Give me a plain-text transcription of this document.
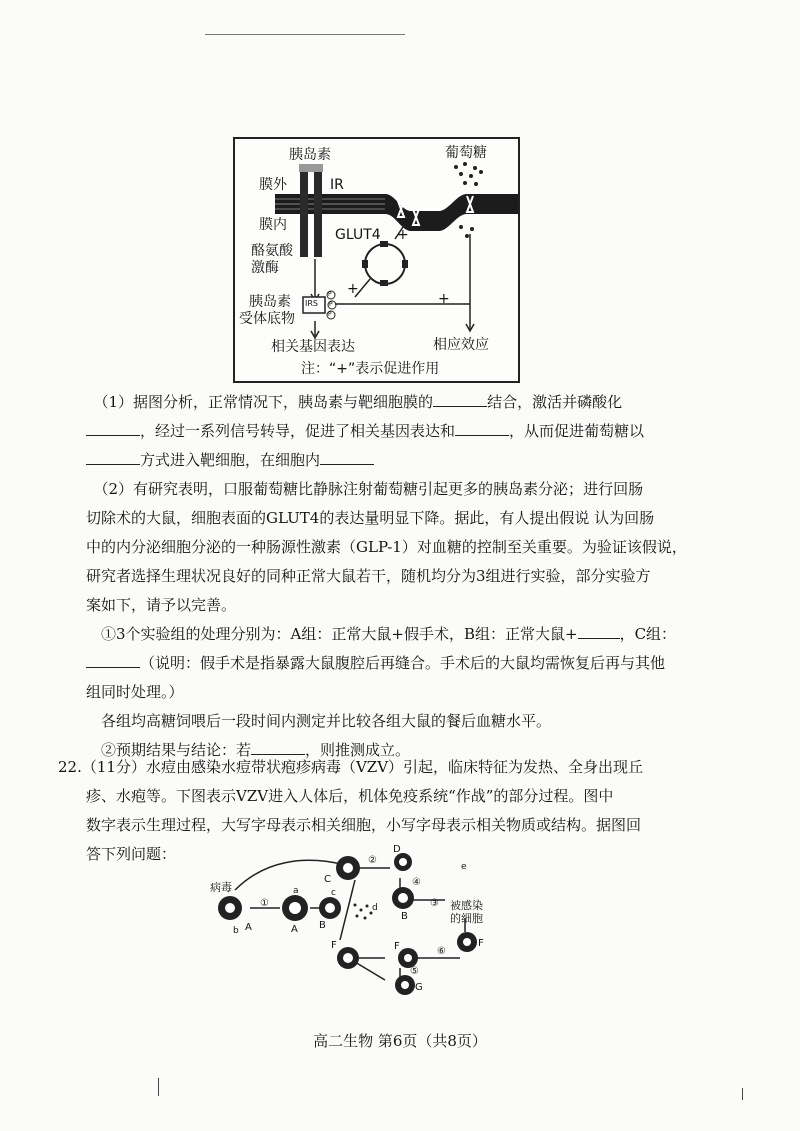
胰岛素	葡萄糖
膜外	IR
膜内
GLUT4
酪氨酸
激酶
胰岛素
受体底物
IRS
P
P
P
+
+
+
相关基因表达	相应效应
注：“+”表示促进作用

　（1）据图分析，正常情况下，胰岛素与靶细胞膜的	结合，激活并磷酸化

，经过一系列信号转导，促进了相关基因表达和	，从而促进葡萄糖以

方式进入靶细胞，在细胞内

　（2）有研究表明，口服葡萄糖比静脉注射葡萄糖引起更多的胰岛素分泌；进行回肠

切除术的大鼠，细胞表面的GLUT4的表达量明显下降。据此，有人提出假说 认为回肠

中的内分泌细胞分泌的一种肠源性激素（GLP-1）对血糖的控制至关重要。为验证该假说，

研究者选择生理状况良好的同种正常大鼠若干，随机均分为3组进行实验，部分实验方

案如下，请予以完善。

　①3个实验组的处理分别为：A组：正常大鼠+假手术，B组：正常大鼠+	，C组：

（说明：假手术是指暴露大鼠腹腔后再缝合。手术后的大鼠均需恢复后再与其他

组同时处理。）

　各组均高糖饲喂后一段时间内测定并比较各组大鼠的餐后血糖水平。

　②预期结果与结论：若	，则推测成立。

22.（11分）水痘由感染水痘带状疱疹病毒（VZV）引起，临床特征为发热、全身出现丘

疹、水疱等。下图表示VZV进入人体后，机体免疫系统“作战”的部分过程。图中

数字表示生理过程，大写字母表示相关细胞，小写字母表示相关物质或结构。据图回

答下列问题：

病毒
被感染
的细胞
A	A B
B
C
D
F	F	F
G
a
b
c
d
e
①
②
③
④
⑤
⑥
高二生物 第6页（共8页）
